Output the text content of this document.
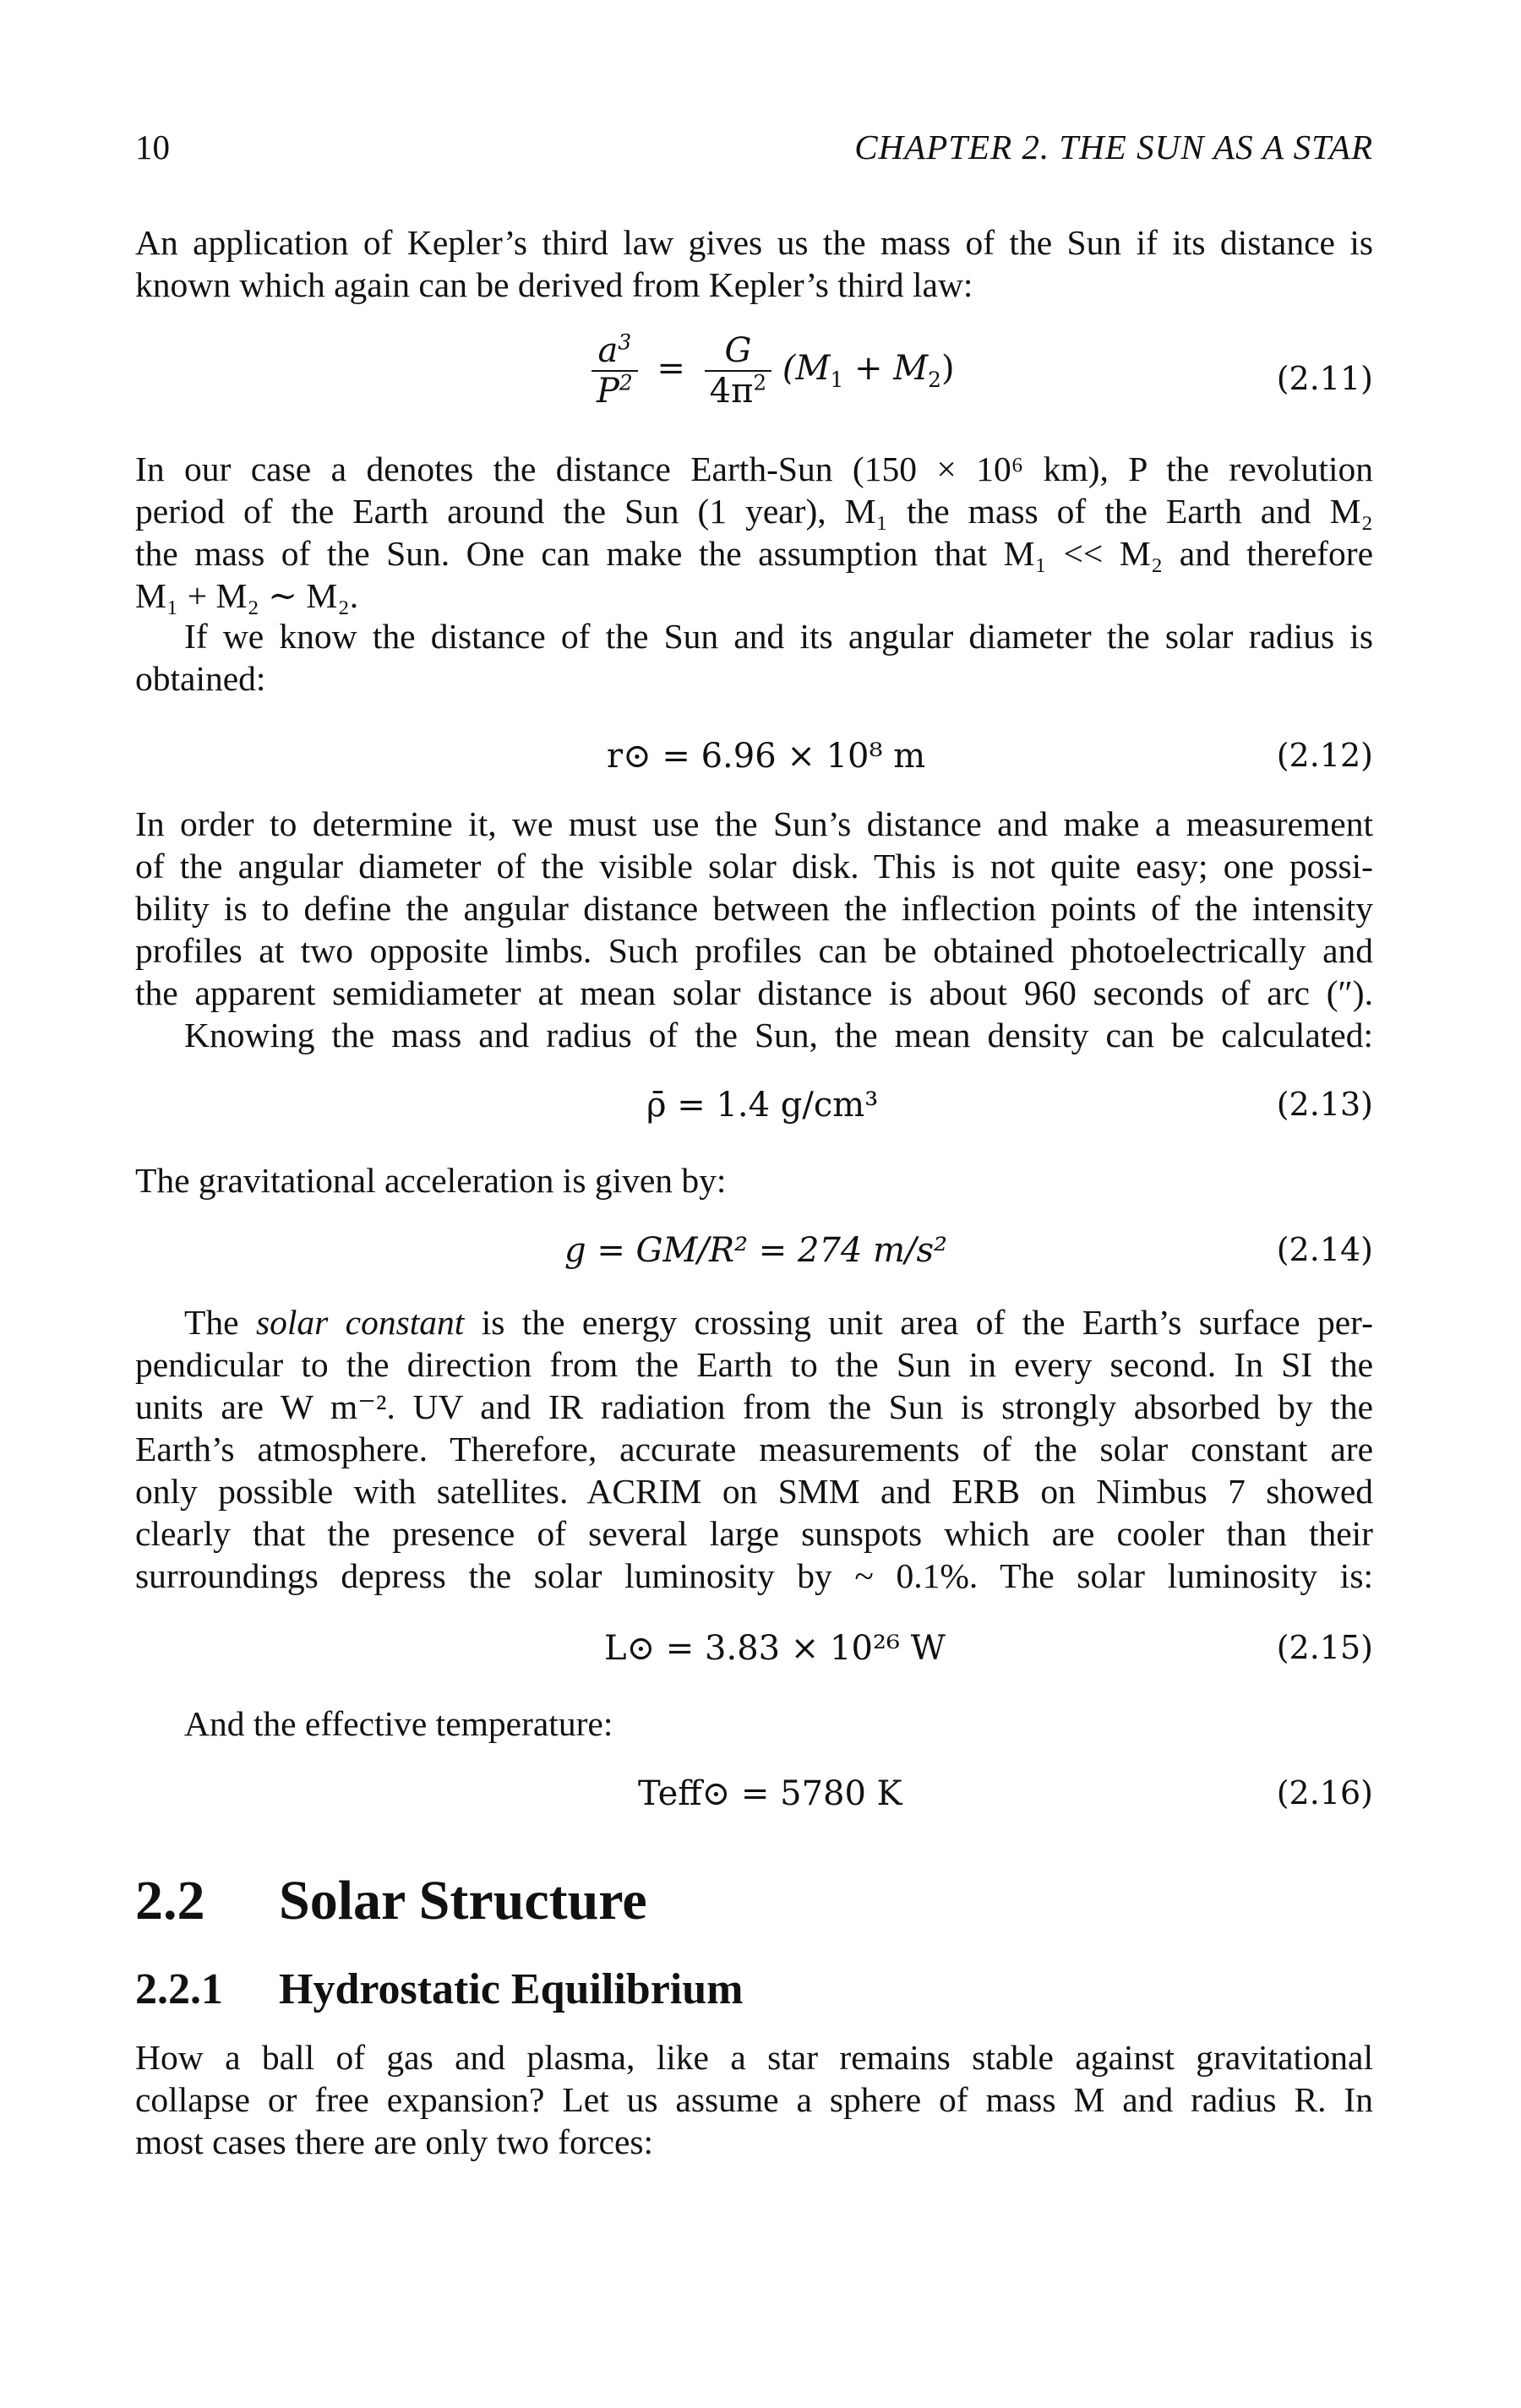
10	CHAPTER 2. THE SUN AS A STAR
An application of Kepler’s third law gives us the mass of the Sun if its distance is
known which again can be derived from Kepler’s third law:
$\frac{a^3}{P^2} = \frac{G}{4\pi^2} (M_1 + M_2)$	(2.11)
In our case a denotes the distance Earth-Sun (150 × 10⁶ km), P the revolution
period of the Earth around the Sun (1 year), M₁ the mass of the Earth and M₂
the mass of the Sun. One can make the assumption that M₁ << M₂ and therefore
M₁ + M₂ ∼ M₂.
If we know the distance of the Sun and its angular diameter the solar radius is
obtained:
r⊙ = 6.96 × 10⁸ m	(2.12)
In order to determine it, we must use the Sun’s distance and make a measurement
of the angular diameter of the visible solar disk. This is not quite easy; one possi-
bility is to define the angular distance between the inflection points of the intensity
profiles at two opposite limbs. Such profiles can be obtained photoelectrically and
the apparent semidiameter at mean solar distance is about 960 seconds of arc (″).
Knowing the mass and radius of the Sun, the mean density can be calculated:
ρ̄ = 1.4 g/cm³	(2.13)
The gravitational acceleration is given by:
g = GM/R² = 274 m/s²	(2.14)
The solar constant is the energy crossing unit area of the Earth’s surface per-
pendicular to the direction from the Earth to the Sun in every second. In SI the
units are W m⁻². UV and IR radiation from the Sun is strongly absorbed by the
Earth’s atmosphere. Therefore, accurate measurements of the solar constant are
only possible with satellites. ACRIM on SMM and ERB on Nimbus 7 showed
clearly that the presence of several large sunspots which are cooler than their
surroundings depress the solar luminosity by ~ 0.1%. The solar luminosity is:
L⊙ = 3.83 × 10²⁶ W	(2.15)
And the effective temperature:
Teff⊙ = 5780 K	(2.16)
2.2 Solar Structure
2.2.1 Hydrostatic Equilibrium
How a ball of gas and plasma, like a star remains stable against gravitational
collapse or free expansion? Let us assume a sphere of mass M and radius R. In
most cases there are only two forces:
